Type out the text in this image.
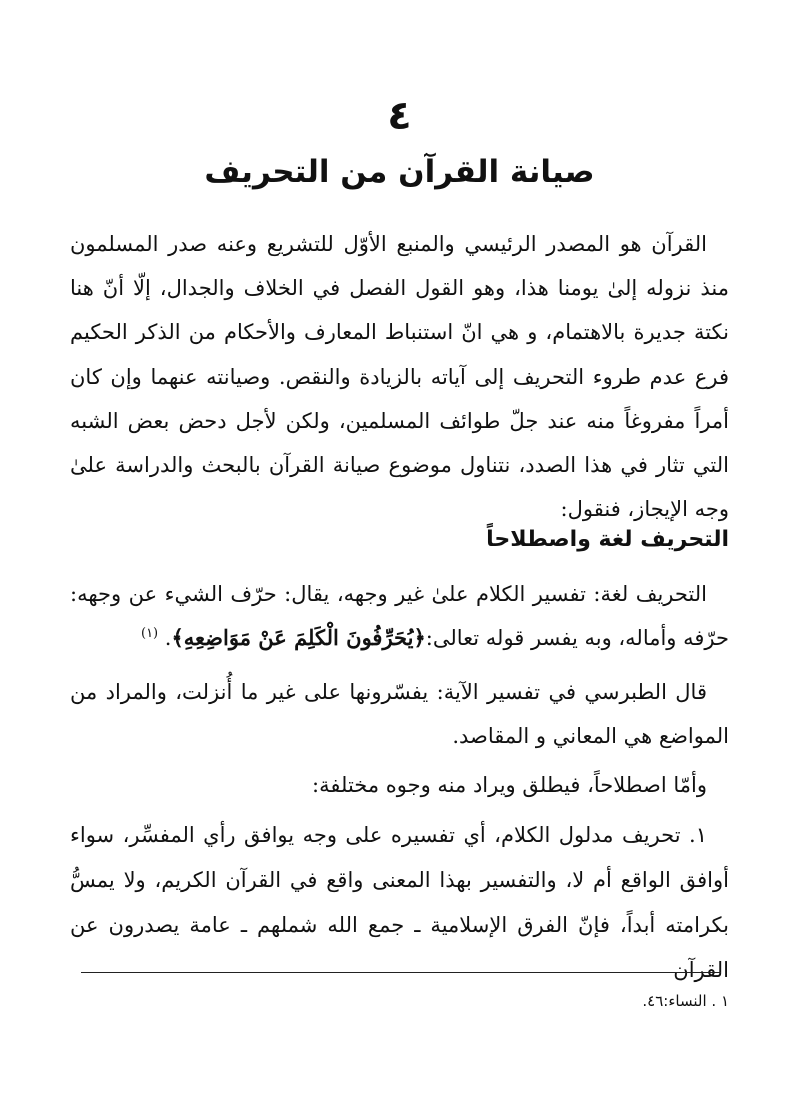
٤
صيانة القرآن من التحريف

القرآن هو المصدر الرئيسي والمنبع الأوّل للتشريع وعنه صدر المسلمون منذ نزوله إلىٰ يومنا هذا، وهو القول الفصل في الخلاف والجدال، إلّا أنّ هنا نكتة جديرة بالاهتمام، و هي انّ استنباط المعارف والأحكام من الذكر الحكيم فرع عدم طروء التحريف إلى آياته بالزيادة والنقص. وصيانته عنهما وإن كان أمراً مفروغاً منه عند جلّ طوائف المسلمين، ولكن لأجل دحض بعض الشبه التي تثار في هذا الصدد، نتناول موضوع صيانة القرآن بالبحث والدراسة علىٰ وجه الإيجاز، فنقول:

التحريف لغة واصطلاحاً

التحريف لغة: تفسير الكلام علىٰ غير وجهه، يقال: حرّف الشيء عن وجهه: حرّفه وأماله، وبه يفسر قوله تعالى:﴿يُحَرِّفُونَ الْكَلِمَ عَنْ مَوَاضِعِهِ﴾. $^{(١)}$

قال الطبرسي في تفسير الآية: يفسّرونها على غير ما أُنزلت، والمراد من المواضع هي المعاني و المقاصد.

وأمّا اصطلاحاً، فيطلق ويراد منه وجوه مختلفة:

١. تحريف مدلول الكلام، أي تفسيره على وجه يوافق رأي المفسِّر، سواء أوافق الواقع أم لا، والتفسير بهذا المعنى واقع في القرآن الكريم، ولا يمسُّ بكرامته أبداً، فإنّ الفرق الإسلامية ـ جمع الله شملهم ـ عامة يصدرون عن القرآن

١ . النساء:٤٦.
